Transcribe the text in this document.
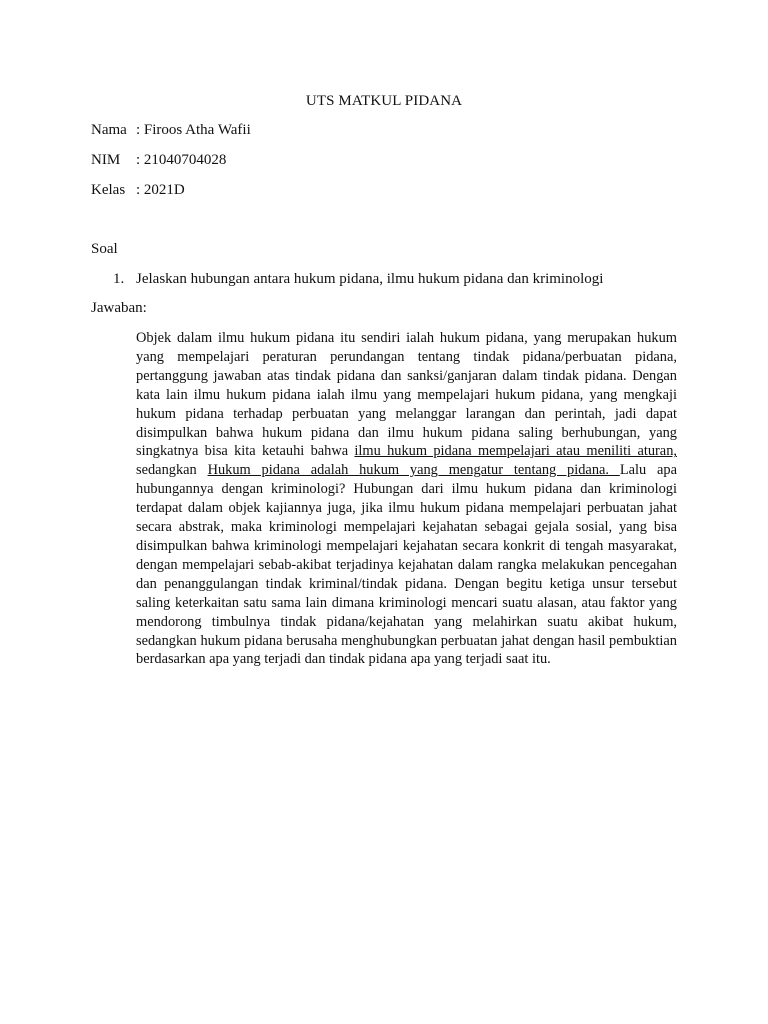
UTS MATKUL PIDANA
Nama : Firoos Atha Wafii
NIM : 21040704028
Kelas : 2021D
Soal
1. Jelaskan hubungan antara hukum pidana, ilmu hukum pidana dan kriminologi
Jawaban:

Objek dalam ilmu hukum pidana itu sendiri ialah hukum pidana, yang merupakan hukum yang mempelajari peraturan perundangan tentang tindak pidana/perbuatan pidana, pertanggung jawaban atas tindak pidana dan sanksi/ganjaran dalam tindak pidana. Dengan kata lain ilmu hukum pidana ialah ilmu yang mempelajari hukum pidana, yang mengkaji hukum pidana terhadap perbuatan yang melanggar larangan dan perintah, jadi dapat disimpulkan bahwa hukum pidana dan ilmu hukum pidana saling berhubungan, yang singkatnya bisa kita ketauhi bahwa ilmu hukum pidana mempelajari atau meniliti aturan, sedangkan Hukum pidana adalah hukum yang mengatur tentang pidana. Lalu apa hubungannya dengan kriminologi? Hubungan dari ilmu hukum pidana dan kriminologi terdapat dalam objek kajiannya juga, jika ilmu hukum pidana mempelajari perbuatan jahat secara abstrak, maka kriminologi mempelajari kejahatan sebagai gejala sosial, yang bisa disimpulkan bahwa kriminologi mempelajari kejahatan secara konkrit di tengah masyarakat, dengan mempelajari sebab-akibat terjadinya kejahatan dalam rangka melakukan pencegahan dan penanggulangan tindak kriminal/tindak pidana. Dengan begitu ketiga unsur tersebut saling keterkaitan satu sama lain dimana kriminologi mencari suatu alasan, atau faktor yang mendorong timbulnya tindak pidana/kejahatan yang melahirkan suatu akibat hukum, sedangkan hukum pidana berusaha menghubungkan perbuatan jahat dengan hasil pembuktian berdasarkan apa yang terjadi dan tindak pidana apa yang terjadi saat itu.
